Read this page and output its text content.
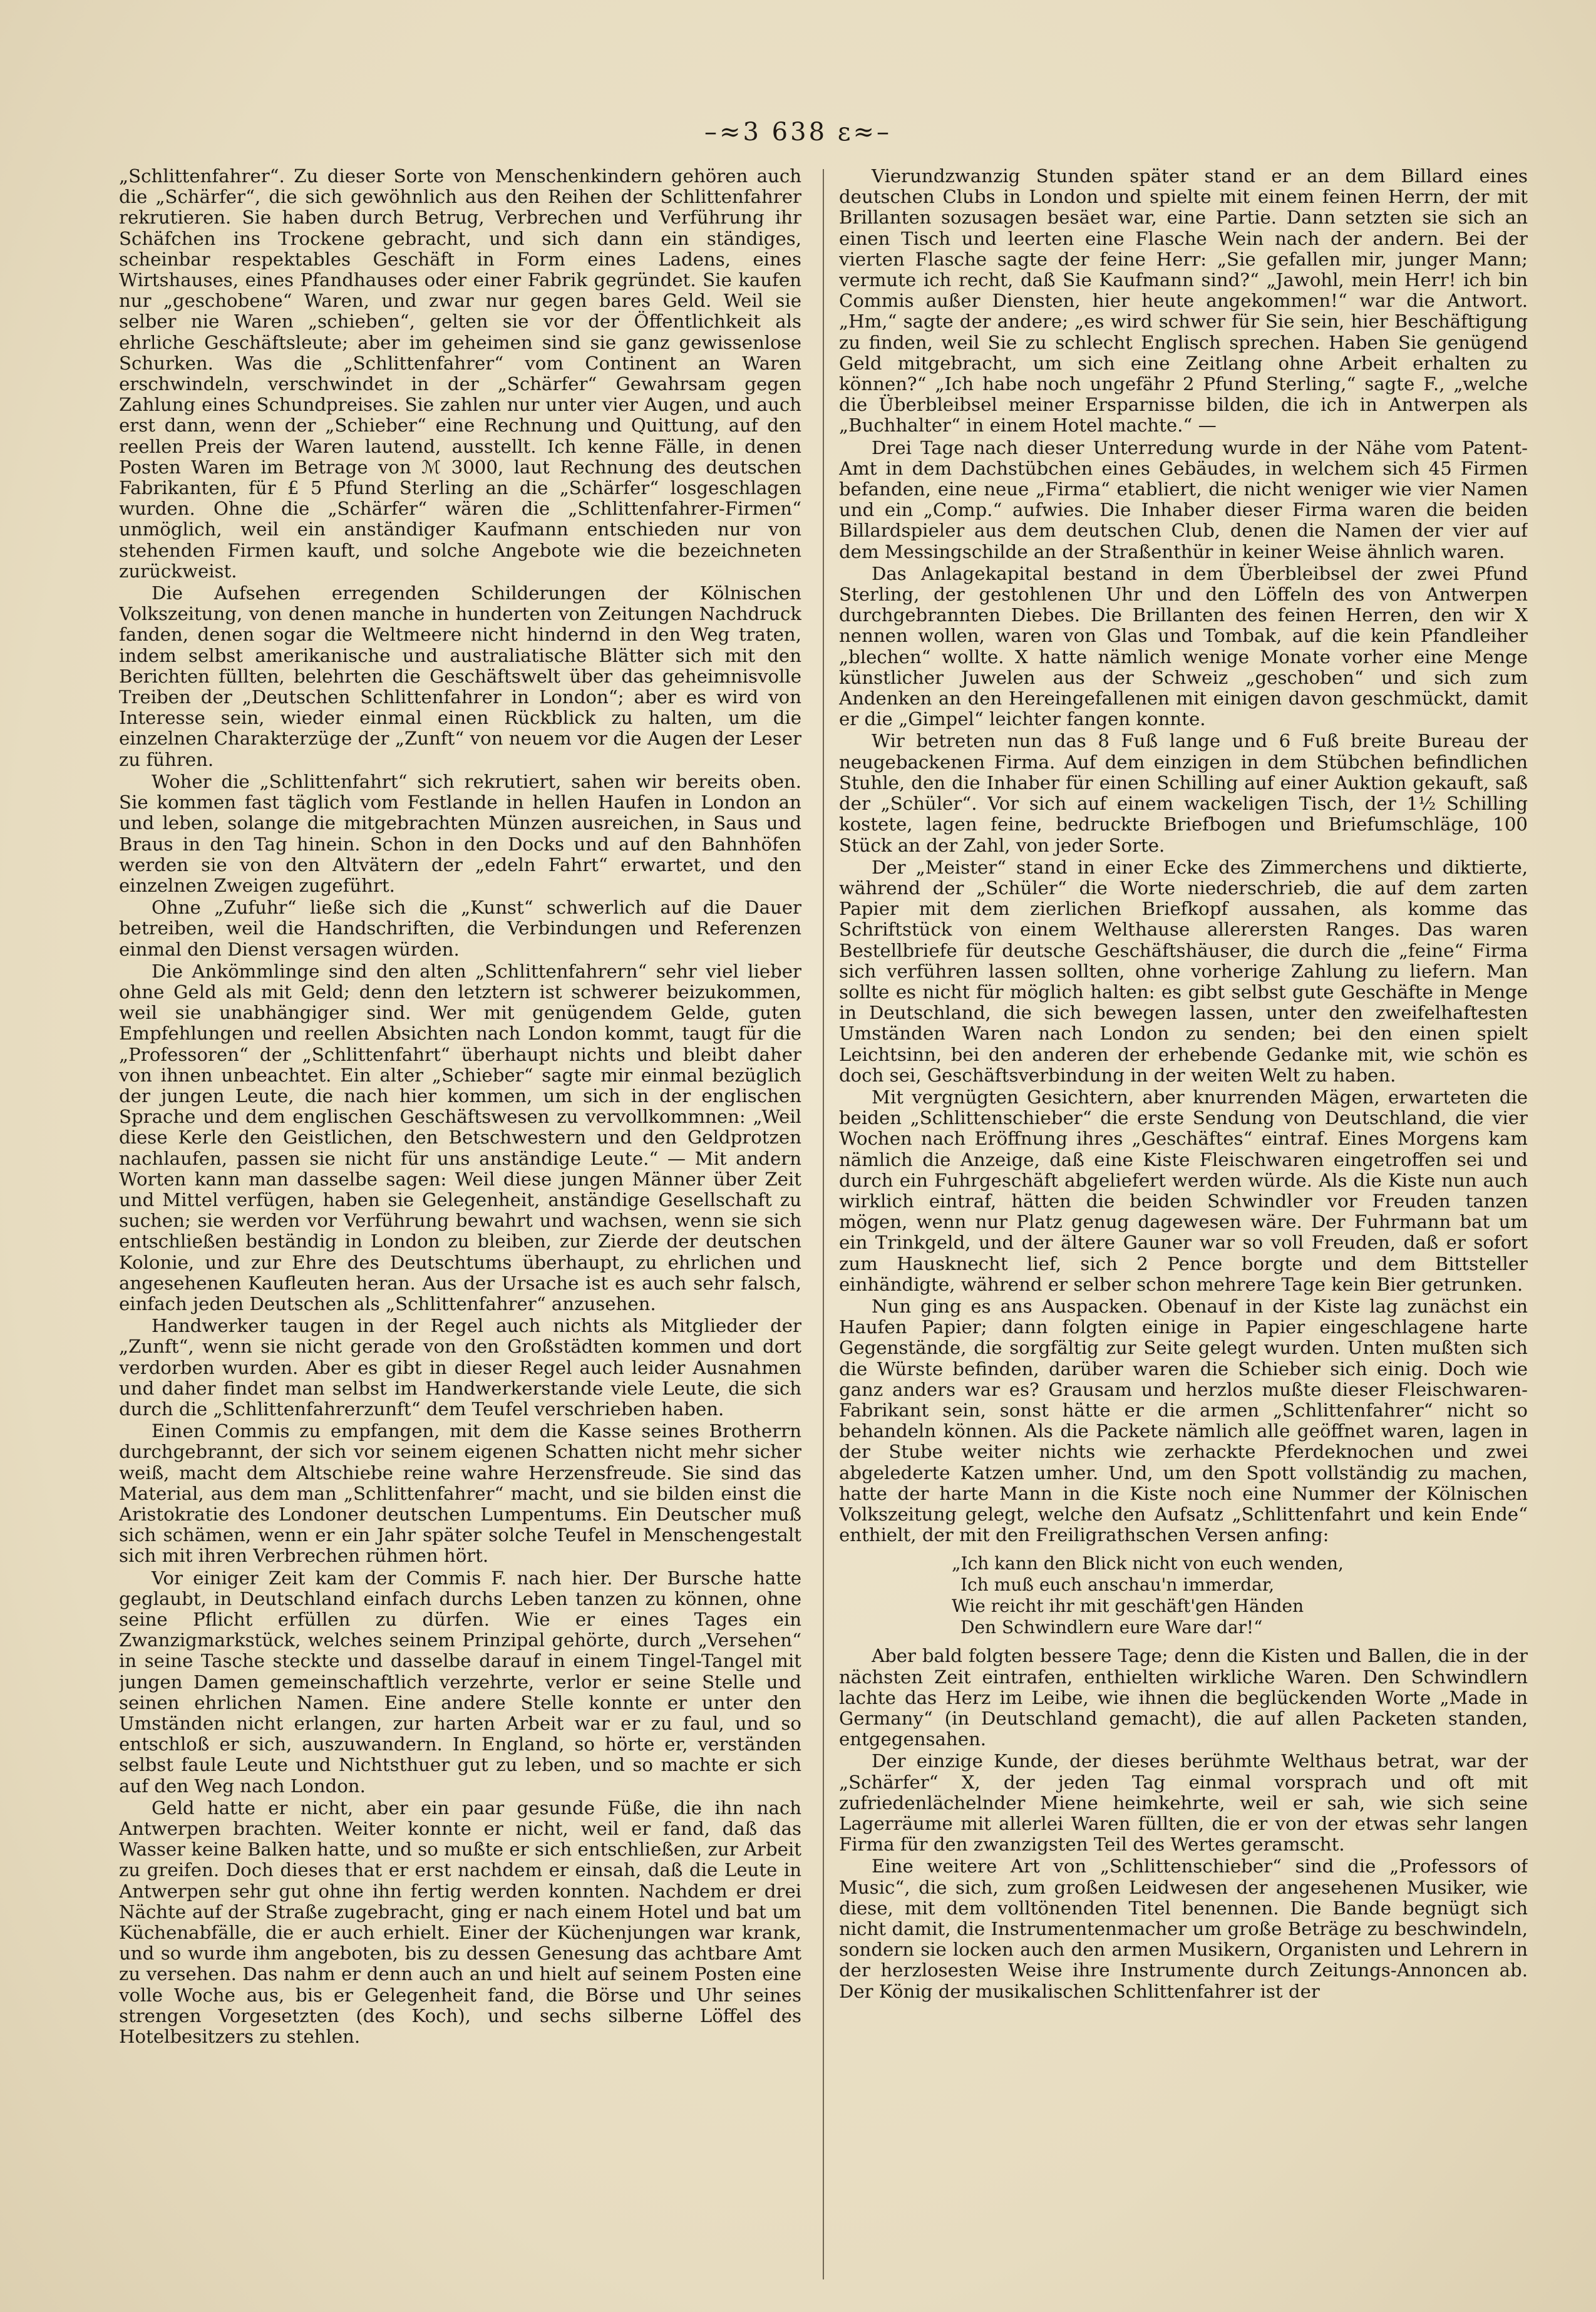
–≈3 638 ε≈–

„Schlittenfahrer“. Zu dieser Sorte von Menschenkindern gehören auch die „Schärfer“, die sich gewöhnlich aus den Reihen der Schlittenfahrer rekrutieren. Sie haben durch Betrug, Verbrechen und Verführung ihr Schäfchen ins Trockene gebracht, und sich dann ein ständiges, scheinbar respektables Geschäft in Form eines Ladens, eines Wirtshauses, eines Pfandhauses oder einer Fabrik gegründet. Sie kaufen nur „geschobene“ Waren, und zwar nur gegen bares Geld. Weil sie selber nie Waren „schieben“, gelten sie vor der Öffentlichkeit als ehrliche Geschäftsleute; aber im geheimen sind sie ganz gewissenlose Schurken. Was die „Schlittenfahrer“ vom Continent an Waren erschwindeln, verschwindet in der „Schärfer“ Gewahrsam gegen Zahlung eines Schundpreises. Sie zahlen nur unter vier Augen, und auch erst dann, wenn der „Schieber“ eine Rechnung und Quittung, auf den reellen Preis der Waren lautend, ausstellt. Ich kenne Fälle, in denen Posten Waren im Betrage von ℳ 3000, laut Rechnung des deutschen Fabrikanten, für £ 5 Pfund Sterling an die „Schärfer“ losgeschlagen wurden. Ohne die „Schärfer“ wären die „Schlittenfahrer-Firmen“ unmöglich, weil ein anständiger Kaufmann entschieden nur von stehenden Firmen kauft, und solche Angebote wie die bezeichneten zurückweist.

Die Aufsehen erregenden Schilderungen der Kölnischen Volkszeitung, von denen manche in hunderten von Zeitungen Nachdruck fanden, denen sogar die Weltmeere nicht hindernd in den Weg traten, indem selbst amerikanische und australiatische Blätter sich mit den Berichten füllten, belehrten die Geschäftswelt über das geheimnisvolle Treiben der „Deutschen Schlittenfahrer in London“; aber es wird von Interesse sein, wieder einmal einen Rückblick zu halten, um die einzelnen Charakterzüge der „Zunft“ von neuem vor die Augen der Leser zu führen.

Woher die „Schlittenfahrt“ sich rekrutiert, sahen wir bereits oben. Sie kommen fast täglich vom Festlande in hellen Haufen in London an und leben, solange die mitgebrachten Münzen ausreichen, in Saus und Braus in den Tag hinein. Schon in den Docks und auf den Bahnhöfen werden sie von den Altvätern der „edeln Fahrt“ erwartet, und den einzelnen Zweigen zugeführt.

Ohne „Zufuhr“ ließe sich die „Kunst“ schwerlich auf die Dauer betreiben, weil die Handschriften, die Verbindungen und Referenzen einmal den Dienst versagen würden.

Die Ankömmlinge sind den alten „Schlittenfahrern“ sehr viel lieber ohne Geld als mit Geld; denn den letztern ist schwerer beizukommen, weil sie unabhängiger sind. Wer mit genügendem Gelde, guten Empfehlungen und reellen Absichten nach London kommt, taugt für die „Professoren“ der „Schlittenfahrt“ überhaupt nichts und bleibt daher von ihnen unbeachtet. Ein alter „Schieber“ sagte mir einmal bezüglich der jungen Leute, die nach hier kommen, um sich in der englischen Sprache und dem englischen Geschäftswesen zu vervollkommnen: „Weil diese Kerle den Geistlichen, den Betschwestern und den Geldprotzen nachlaufen, passen sie nicht für uns anständige Leute.“ — Mit andern Worten kann man dasselbe sagen: Weil diese jungen Männer über Zeit und Mittel verfügen, haben sie Gelegenheit, anständige Gesellschaft zu suchen; sie werden vor Verführung bewahrt und wachsen, wenn sie sich entschließen beständig in London zu bleiben, zur Zierde der deutschen Kolonie, und zur Ehre des Deutschtums überhaupt, zu ehrlichen und angesehenen Kaufleuten heran. Aus der Ursache ist es auch sehr falsch, einfach jeden Deutschen als „Schlittenfahrer“ anzusehen.

Handwerker taugen in der Regel auch nichts als Mitglieder der „Zunft“, wenn sie nicht gerade von den Großstädten kommen und dort verdorben wurden. Aber es gibt in dieser Regel auch leider Ausnahmen und daher findet man selbst im Handwerkerstande viele Leute, die sich durch die „Schlittenfahrerzunft“ dem Teufel verschrieben haben.

Einen Commis zu empfangen, mit dem die Kasse seines Brotherrn durchgebrannt, der sich vor seinem eigenen Schatten nicht mehr sicher weiß, macht dem Altschiebe reine wahre Herzensfreude. Sie sind das Material, aus dem man „Schlittenfahrer“ macht, und sie bilden einst die Aristokratie des Londoner deutschen Lumpentums. Ein Deutscher muß sich schämen, wenn er ein Jahr später solche Teufel in Menschengestalt sich mit ihren Verbrechen rühmen hört.

Vor einiger Zeit kam der Commis F. nach hier. Der Bursche hatte geglaubt, in Deutschland einfach durchs Leben tanzen zu können, ohne seine Pflicht erfüllen zu dürfen. Wie er eines Tages ein Zwanzigmarkstück, welches seinem Prinzipal gehörte, durch „Versehen“ in seine Tasche steckte und dasselbe darauf in einem Tingel-Tangel mit jungen Damen gemeinschaftlich verzehrte, verlor er seine Stelle und seinen ehrlichen Namen. Eine andere Stelle konnte er unter den Umständen nicht erlangen, zur harten Arbeit war er zu faul, und so entschloß er sich, auszuwandern. In England, so hörte er, verständen selbst faule Leute und Nichtsthuer gut zu leben, und so machte er sich auf den Weg nach London.

Geld hatte er nicht, aber ein paar gesunde Füße, die ihn nach Antwerpen brachten. Weiter konnte er nicht, weil er fand, daß das Wasser keine Balken hatte, und so mußte er sich entschließen, zur Arbeit zu greifen. Doch dieses that er erst nachdem er einsah, daß die Leute in Antwerpen sehr gut ohne ihn fertig werden konnten. Nachdem er drei Nächte auf der Straße zugebracht, ging er nach einem Hotel und bat um Küchenabfälle, die er auch erhielt. Einer der Küchenjungen war krank, und so wurde ihm angeboten, bis zu dessen Genesung das achtbare Amt zu versehen. Das nahm er denn auch an und hielt auf seinem Posten eine volle Woche aus, bis er Gelegenheit fand, die Börse und Uhr seines strengen Vorgesetzten (des Koch), und sechs silberne Löffel des Hotelbesitzers zu stehlen.

Vierundzwanzig Stunden später stand er an dem Billard eines deutschen Clubs in London und spielte mit einem feinen Herrn, der mit Brillanten sozusagen besäet war, eine Partie. Dann setzten sie sich an einen Tisch und leerten eine Flasche Wein nach der andern. Bei der vierten Flasche sagte der feine Herr: „Sie gefallen mir, junger Mann; vermute ich recht, daß Sie Kaufmann sind?“ „Jawohl, mein Herr! ich bin Commis außer Diensten, hier heute angekommen!“ war die Antwort. „Hm,“ sagte der andere; „es wird schwer für Sie sein, hier Beschäftigung zu finden, weil Sie zu schlecht Englisch sprechen. Haben Sie genügend Geld mitgebracht, um sich eine Zeitlang ohne Arbeit erhalten zu können?“ „Ich habe noch ungefähr 2 Pfund Sterling,“ sagte F., „welche die Überbleibsel meiner Ersparnisse bilden, die ich in Antwerpen als „Buchhalter“ in einem Hotel machte.“ —

Drei Tage nach dieser Unterredung wurde in der Nähe vom Patent-Amt in dem Dachstübchen eines Gebäudes, in welchem sich 45 Firmen befanden, eine neue „Firma“ etabliert, die nicht weniger wie vier Namen und ein „Comp.“ aufwies. Die Inhaber dieser Firma waren die beiden Billardspieler aus dem deutschen Club, denen die Namen der vier auf dem Messingschilde an der Straßenthür in keiner Weise ähnlich waren.

Das Anlagekapital bestand in dem Überbleibsel der zwei Pfund Sterling, der gestohlenen Uhr und den Löffeln des von Antwerpen durchgebrannten Diebes. Die Brillanten des feinen Herren, den wir X nennen wollen, waren von Glas und Tombak, auf die kein Pfandleiher „blechen“ wollte. X hatte nämlich wenige Monate vorher eine Menge künstlicher Juwelen aus der Schweiz „geschoben“ und sich zum Andenken an den Hereingefallenen mit einigen davon geschmückt, damit er die „Gimpel“ leichter fangen konnte.

Wir betreten nun das 8 Fuß lange und 6 Fuß breite Bureau der neugebackenen Firma. Auf dem einzigen in dem Stübchen befindlichen Stuhle, den die Inhaber für einen Schilling auf einer Auktion gekauft, saß der „Schüler“. Vor sich auf einem wackeligen Tisch, der 1½ Schilling kostete, lagen feine, bedruckte Briefbogen und Briefumschläge, 100 Stück an der Zahl, von jeder Sorte.

Der „Meister“ stand in einer Ecke des Zimmerchens und diktierte, während der „Schüler“ die Worte niederschrieb, die auf dem zarten Papier mit dem zierlichen Briefkopf aussahen, als komme das Schriftstück von einem Welthause allerersten Ranges. Das waren Bestellbriefe für deutsche Geschäftshäuser, die durch die „feine“ Firma sich verführen lassen sollten, ohne vorherige Zahlung zu liefern. Man sollte es nicht für möglich halten: es gibt selbst gute Geschäfte in Menge in Deutschland, die sich bewegen lassen, unter den zweifelhaftesten Umständen Waren nach London zu senden; bei den einen spielt Leichtsinn, bei den anderen der erhebende Gedanke mit, wie schön es doch sei, Geschäftsverbindung in der weiten Welt zu haben.

Mit vergnügten Gesichtern, aber knurrenden Mägen, erwarteten die beiden „Schlittenschieber“ die erste Sendung von Deutschland, die vier Wochen nach Eröffnung ihres „Geschäftes“ eintraf. Eines Morgens kam nämlich die Anzeige, daß eine Kiste Fleischwaren eingetroffen sei und durch ein Fuhrgeschäft abgeliefert werden würde. Als die Kiste nun auch wirklich eintraf, hätten die beiden Schwindler vor Freuden tanzen mögen, wenn nur Platz genug dagewesen wäre. Der Fuhrmann bat um ein Trinkgeld, und der ältere Gauner war so voll Freuden, daß er sofort zum Hausknecht lief, sich 2 Pence borgte und dem Bittsteller einhändigte, während er selber schon mehrere Tage kein Bier getrunken.

Nun ging es ans Auspacken. Obenauf in der Kiste lag zunächst ein Haufen Papier; dann folgten einige in Papier eingeschlagene harte Gegenstände, die sorgfältig zur Seite gelegt wurden. Unten mußten sich die Würste befinden, darüber waren die Schieber sich einig. Doch wie ganz anders war es? Grausam und herzlos mußte dieser Fleischwaren-Fabrikant sein, sonst hätte er die armen „Schlittenfahrer“ nicht so behandeln können. Als die Packete nämlich alle geöffnet waren, lagen in der Stube weiter nichts wie zerhackte Pferdeknochen und zwei abgelederte Katzen umher. Und, um den Spott vollständig zu machen, hatte der harte Mann in die Kiste noch eine Nummer der Kölnischen Volkszeitung gelegt, welche den Aufsatz „Schlittenfahrt und kein Ende“ enthielt, der mit den Freiligrathschen Versen anfing:

„Ich kann den Blick nicht von euch wenden,
Ich muß euch anschau'n immerdar,
Wie reicht ihr mit geschäft'gen Händen
Den Schwindlern eure Ware dar!“

Aber bald folgten bessere Tage; denn die Kisten und Ballen, die in der nächsten Zeit eintrafen, enthielten wirkliche Waren. Den Schwindlern lachte das Herz im Leibe, wie ihnen die beglückenden Worte „Made in Germany“ (in Deutschland gemacht), die auf allen Packeten standen, entgegensahen.

Der einzige Kunde, der dieses berühmte Welthaus betrat, war der „Schärfer“ X, der jeden Tag einmal vorsprach und oft mit zufriedenlächelnder Miene heimkehrte, weil er sah, wie sich seine Lagerräume mit allerlei Waren füllten, die er von der etwas sehr langen Firma für den zwanzigsten Teil des Wertes geramscht.

Eine weitere Art von „Schlittenschieber“ sind die „Professors of Music“, die sich, zum großen Leidwesen der angesehenen Musiker, wie diese, mit dem volltönenden Titel benennen. Die Bande begnügt sich nicht damit, die Instrumentenmacher um große Beträge zu beschwindeln, sondern sie locken auch den armen Musikern, Organisten und Lehrern in der herzlosesten Weise ihre Instrumente durch Zeitungs-Annoncen ab. Der König der musikalischen Schlittenfahrer ist der
